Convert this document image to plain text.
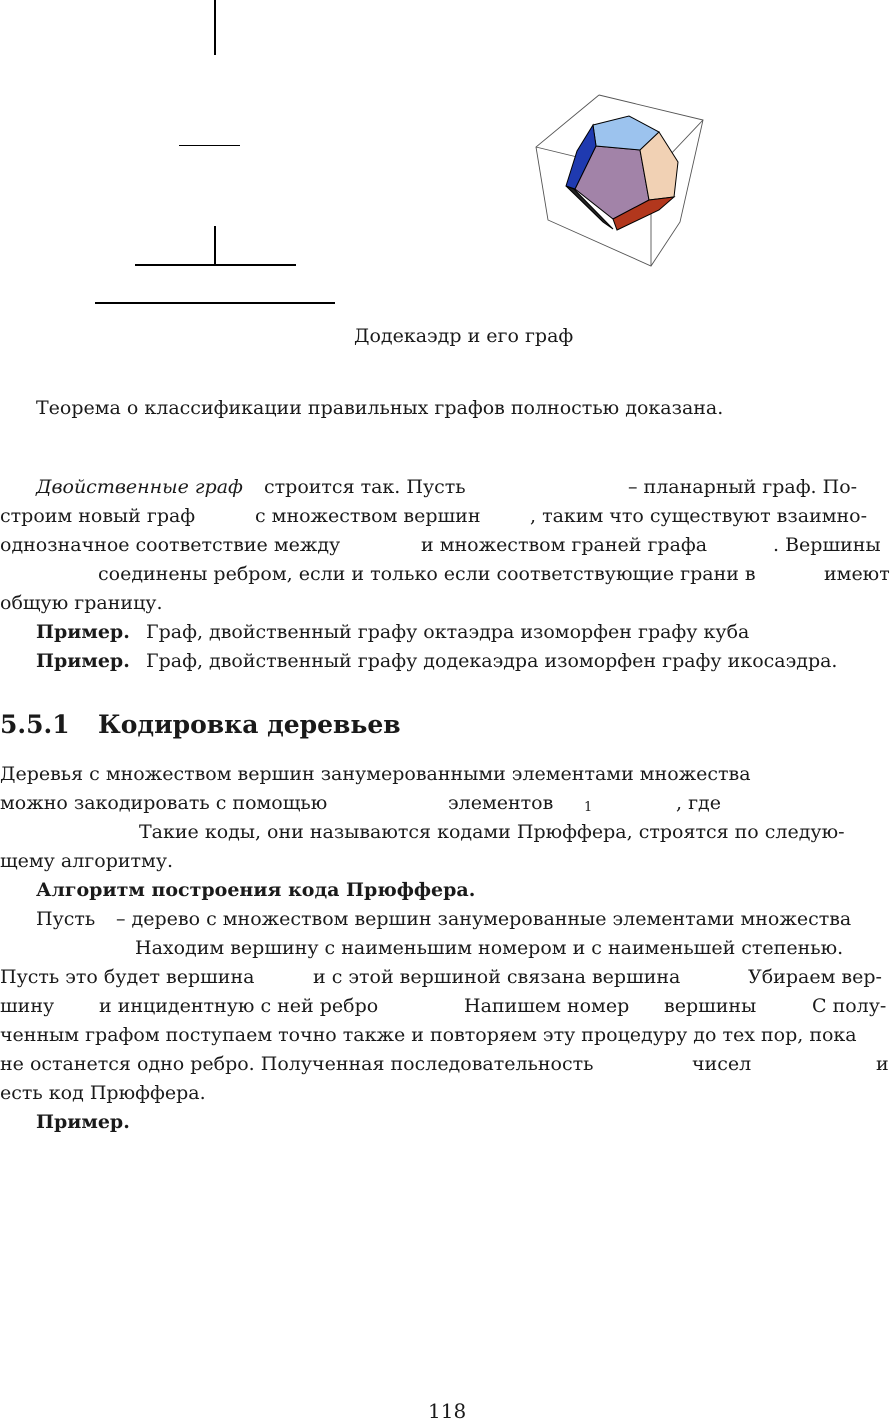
Додекаэдр и его граф
Теорема о классификации правильных графов полностью доказана.
Двойственные граф строится так. Пусть	– планарный граф. По-
строим новый граф	с множеством вершин	, таким что существуют взаимно-
однозначное соответствие между	и множеством граней графа	. Вершины
соединены ребром, если и только если соответствующие грани в	имеют
общую границу.
Пример. Граф, двойственный графу октаэдра изоморфен графу куба
Пример. Граф, двойственный графу додекаэдра изоморфен графу икосаэдра.
5.5.1 Кодировка деревьев
Деревья с множеством вершин занумерованными элементами множества
можно закодировать с помощью	элементов 1	, где
Такие коды, они называются кодами Прюффера, строятся по следую-
щему алгоритму.
Алгоритм построения кода Прюффера.
Пусть – дерево с множеством вершин занумерованные элементами множества
Находим вершину с наименьшим номером и с наименьшей степенью.
Пусть это будет вершина	и с этой вершиной связана вершина	Убираем вер-
шину и инцидентную с ней ребро	Напишем номер вершины	С полу-
ченным графом поступаем точно также и повторяем эту процедуру до тех пор, пока
не останется одно ребро. Полученная последовательность	чисел	и
есть код Прюффера.
Пример.
118
